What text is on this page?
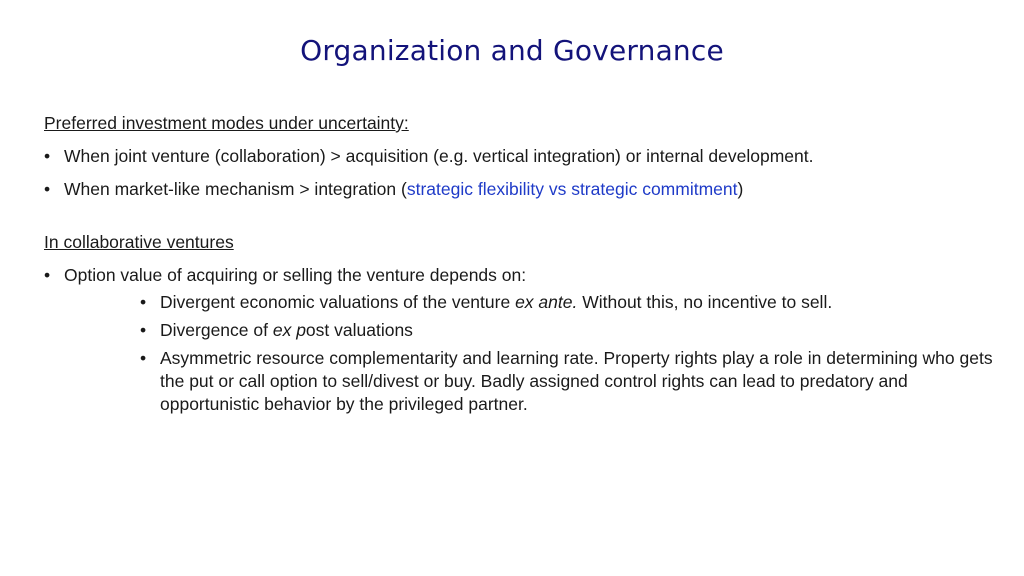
Organization and Governance

Preferred investment modes under uncertainty:

• When joint venture (collaboration) > acquisition (e.g. vertical integration) or internal development.
• When market-like mechanism > integration (strategic flexibility vs strategic commitment)

In collaborative ventures

• Option value of acquiring or selling the venture depends on:
• Divergent economic valuations of the venture ex ante. Without this, no incentive to sell.
• Divergence of ex post valuations
• Asymmetric resource complementarity and learning rate. Property rights play a role in determining who gets the put or call option to sell/divest or buy. Badly assigned control rights can lead to predatory and opportunistic behavior by the privileged partner.
